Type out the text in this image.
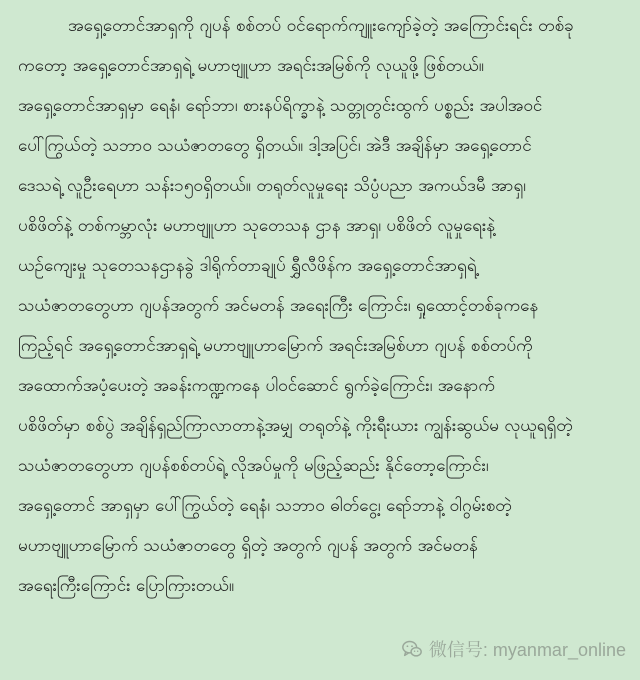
အရှေ့တောင်အာရှကို ဂျပန် စစ်တပ် ဝင်ရောက်ကျူးကျော်ခဲ့တဲ့ အကြောင်းရင်း တစ်ခု
ကတော့ အရှေ့တောင်အာရှရဲ့ မဟာဗျူဟာ အရင်းအမြစ်ကို လုယူဖို့ ဖြစ်တယ်။
အရှေ့တောင်အာရှမှာ ရေနံ၊ ရော်ဘာ၊ စားနပ်ရိက္ခာနဲ့ သတ္တုတွင်းထွက် ပစ္စည်း အပါအဝင်
ပေါ်ကြွယ်တဲ့ သဘာဝ သယံဇာတတွေ ရှိတယ်။ ဒါ့အပြင်၊ အဲဒီ အချိန်မှာ အရှေ့တောင်
ဒေသရဲ့ လူဦးရေဟာ သန်း၁၅၀ရှိတယ်။ တရုတ်လူမှုရေး သိပ္ပံပညာ အကယ်ဒမီ အာရှ၊
ပစိဖိတ်နဲ့ တစ်ကမ္ဘာလုံး မဟာဗျူဟာ သုတေသန ဌာန အာရှ၊ ပစိဖိတ် လူမှုရေးနဲ့
ယဉ်ကျေးမှု သုတေသနဌာနခွဲ ဒါရိုက်တာချုပ် ရွှီလီဖိန်က အရှေ့တောင်အာရှရဲ့
သယံဇာတတွေဟာ ဂျပန်အတွက် အင်မတန် အရေးကြီး ကြောင်း၊ ရှုထောင့်တစ်ခုကနေ
ကြည့်ရင် အရှေ့တောင်အာရှရဲ့ မဟာဗျူဟာမြောက် အရင်းအမြစ်ဟာ ဂျပန် စစ်တပ်ကို
အထောက်အပံ့ပေးတဲ့ အခန်းကဏ္ဍကနေ ပါဝင်ဆောင် ရွက်ခဲ့ကြောင်း၊ အနောက်
ပစိဖိတ်မှာ စစ်ပွဲ အချိန်ရှည်ကြာလာတာနဲ့အမျှ တရုတ်နဲ့ ကိုးရီးယား ကျွန်းဆွယ်မ လုယူရရှိတဲ့
သယံဇာတတွေဟာ ဂျပန်စစ်တပ်ရဲ့ လိုအပ်မှုကို မဖြည့်ဆည်း နိုင်တော့ကြောင်း၊
အရှေ့တောင် အာရှမှာ ပေါ်ကြွယ်တဲ့ ရေနံ၊ သဘာဝ ဓါတ်ငွေ့၊ ရော်ဘာနဲ့ ဝါဂွမ်းစတဲ့
မဟာဗျူဟာမြောက် သယံဇာတတွေ ရှိတဲ့ အတွက် ဂျပန် အတွက် အင်မတန်
အရေးကြီးကြောင်း ပြောကြားတယ်။
微信号: myanmar_online
